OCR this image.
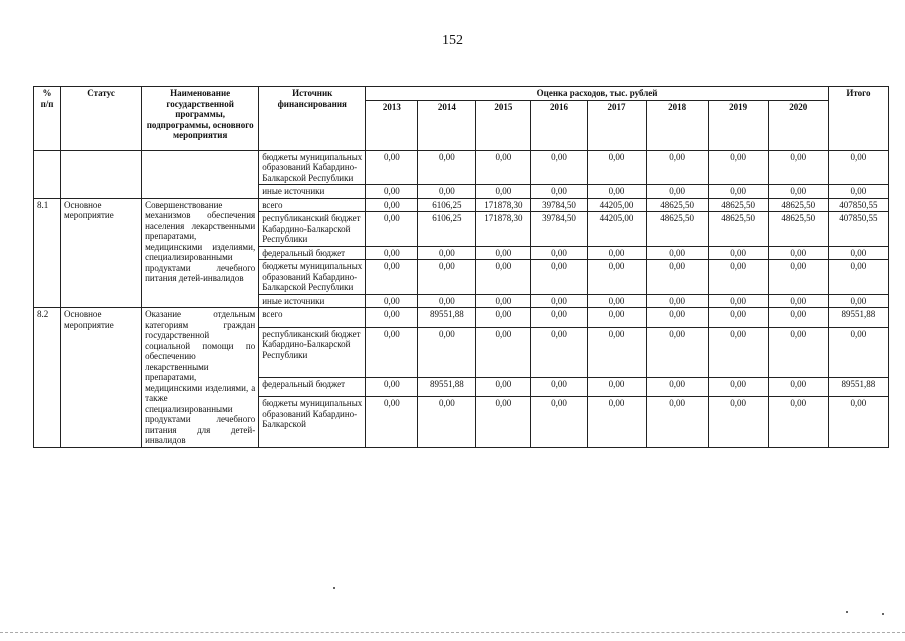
152
%
п/п	Статус	Наименование государственной программы, подпрограммы, основного мероприятия	Источник финансирования	Оценка расходов, тыс. рублей								Итого
				2013	2014	2015	2016	2017	2018	2019	2020	
			бюджеты муниципальных образований Кабардино-Балкарской Республики	0,00	0,00	0,00	0,00	0,00	0,00	0,00	0,00	0,00
			иные источники	0,00	0,00	0,00	0,00	0,00	0,00	0,00	0,00	0,00
8.1	Основное мероприятие	Совершенствование механизмов обеспечения населения лекарственными препаратами, медицинскими изделиями, специализированными продуктами лечебного питания детей-инвалидов	всего	0,00	6106,25	171878,30	39784,50	44205,00	48625,50	48625,50	48625,50	407850,55
			республиканский бюджет Кабардино-Балкарской Республики	0,00	6106,25	171878,30	39784,50	44205,00	48625,50	48625,50	48625,50	407850,55
			федеральный бюджет	0,00	0,00	0,00	0,00	0,00	0,00	0,00	0,00	0,00
			бюджеты муниципальных образований Кабардино-Балкарской Республики	0,00	0,00	0,00	0,00	0,00	0,00	0,00	0,00	0,00
			иные источники	0,00	0,00	0,00	0,00	0,00	0,00	0,00	0,00	0,00
8.2	Основное мероприятие	Оказание отдельным категориям граждан государственной социальной помощи по обеспечению лекарственными препаратами, медицинскими изделиями, а также специализированными продуктами лечебного питания для детей-инвалидов	всего	0,00	89551,88	0,00	0,00	0,00	0,00	0,00	0,00	89551,88
			республиканский бюджет Кабардино-Балкарской Республики	0,00	0,00	0,00	0,00	0,00	0,00	0,00	0,00	0,00
			федеральный бюджет	0,00	89551,88	0,00	0,00	0,00	0,00	0,00	0,00	89551,88
			бюджеты муниципальных образований Кабардино-Балкарской	0,00	0,00	0,00	0,00	0,00	0,00	0,00	0,00	0,00
